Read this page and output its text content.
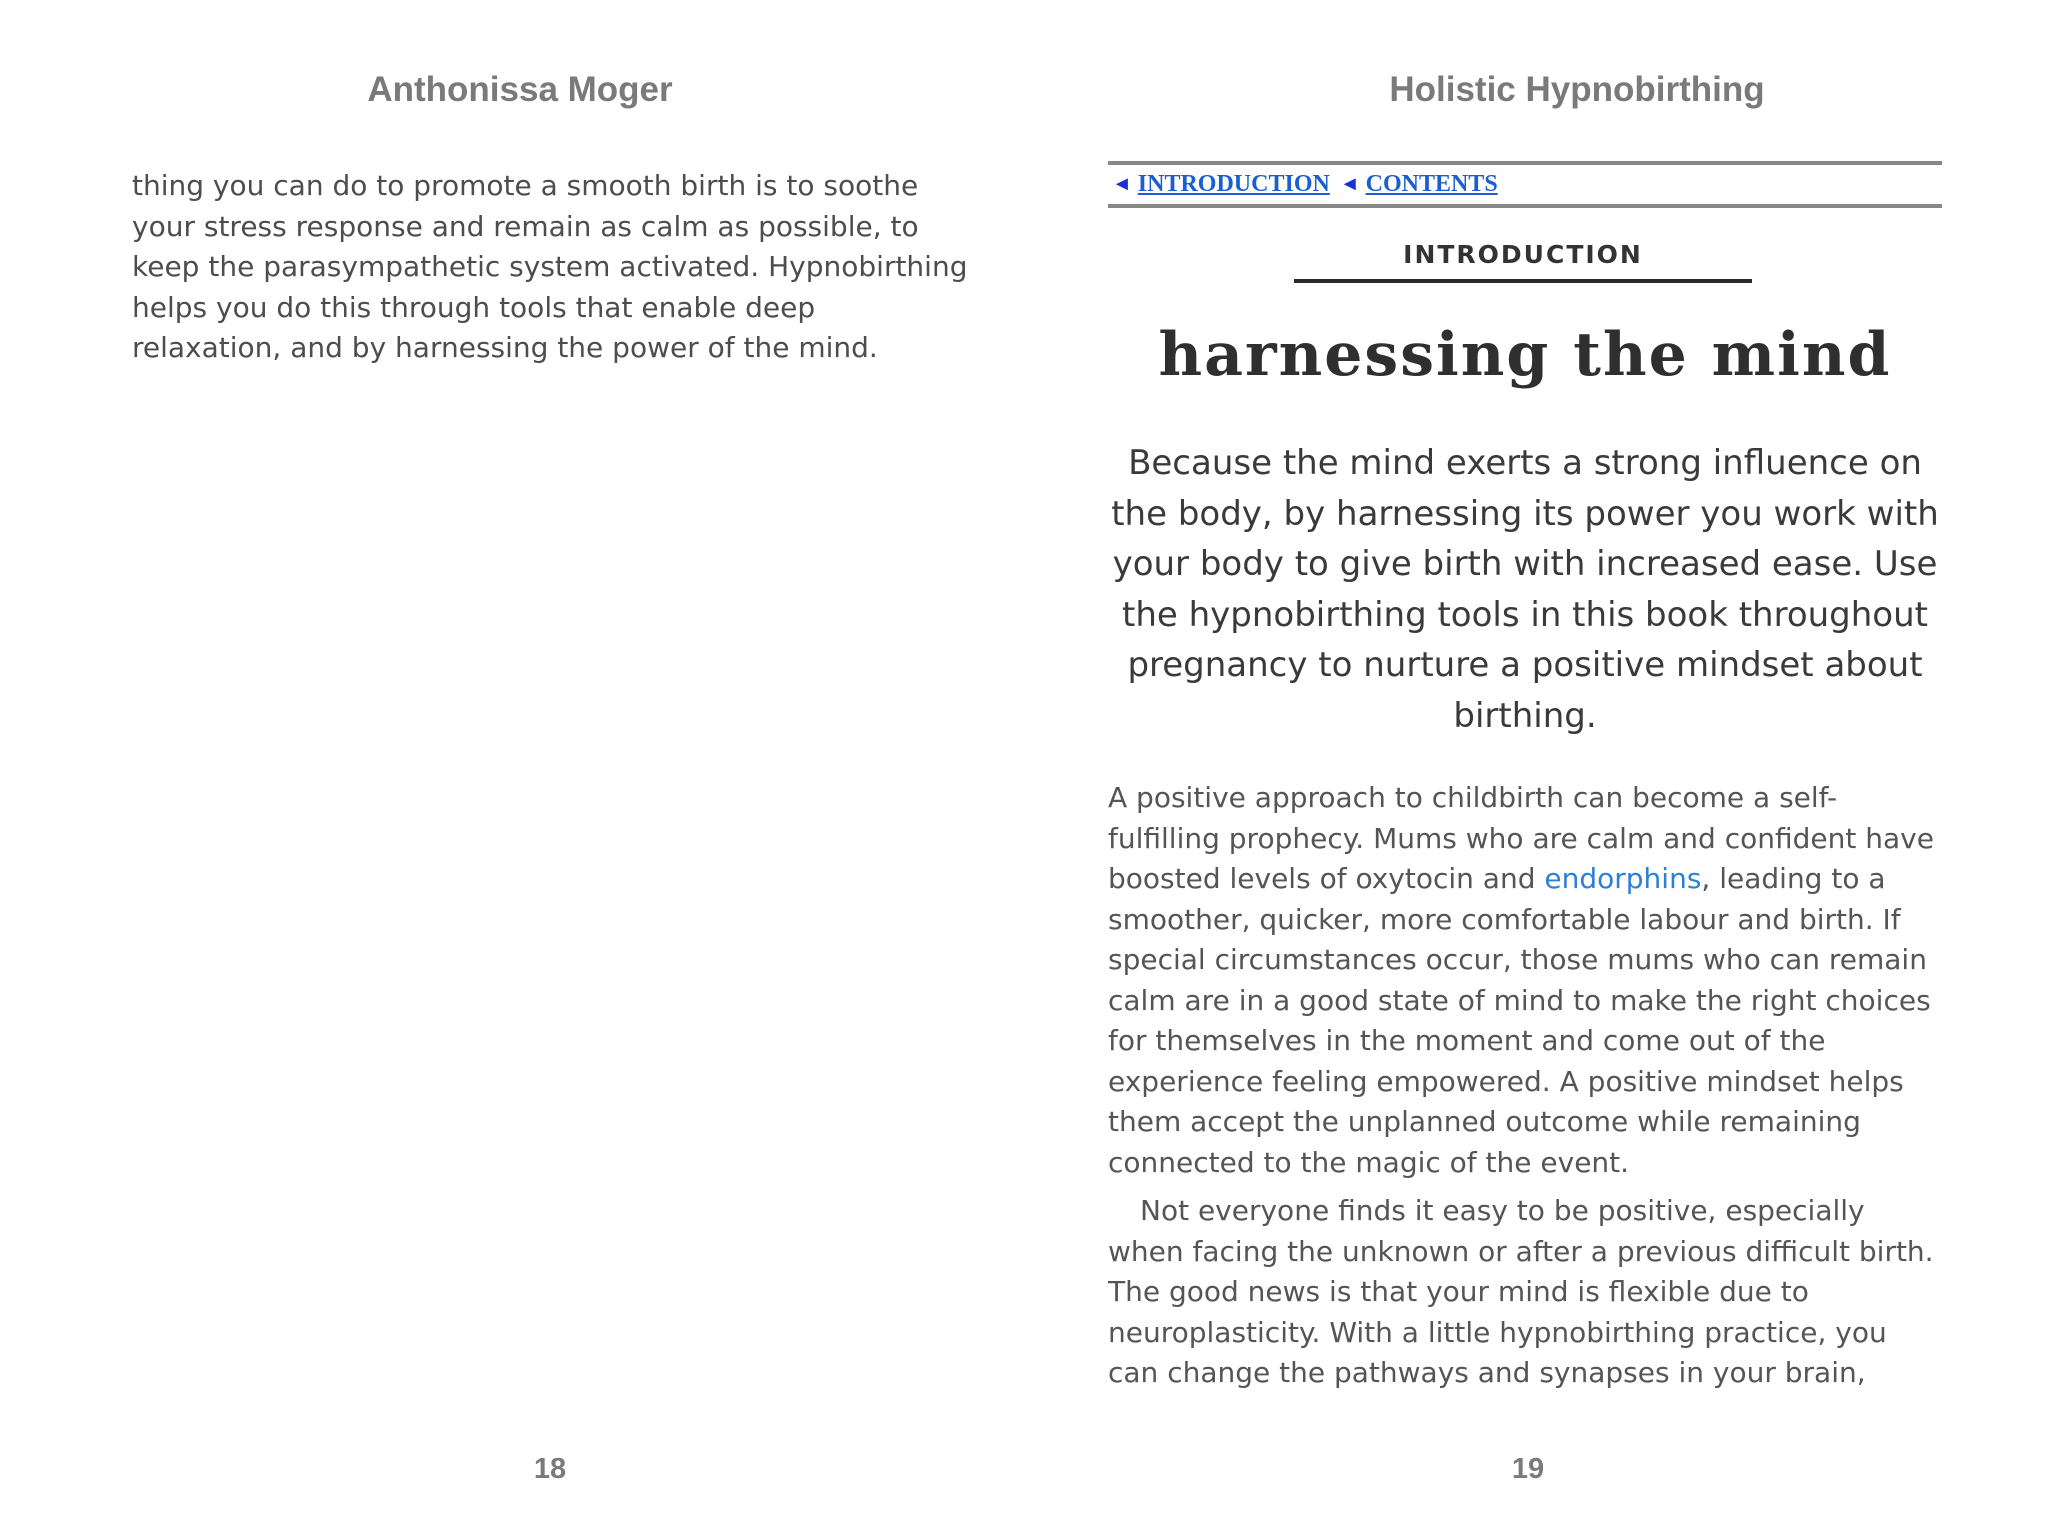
Anthonissa Moger

thing you can do to promote a smooth birth is to soothe your stress response and remain as calm as possible, to keep the parasympathetic system activated. Hypnobirthing helps you do this through tools that enable deep relaxation, and by harnessing the power of the mind.

18
Holistic Hypnobirthing
◄ INTRODUCTION ◄ CONTENTS
INTRODUCTION
harnessing the mind

Because the mind exerts a strong influence on the body, by harnessing its power you work with your body to give birth with increased ease. Use the hypnobirthing tools in this book throughout pregnancy to nurture a positive mindset about birthing.

A positive approach to childbirth can become a self-fulfilling prophecy. Mums who are calm and confident have boosted levels of oxytocin and endorphins, leading to a smoother, quicker, more comfortable labour and birth. If special circumstances occur, those mums who can remain calm are in a good state of mind to make the right choices for themselves in the moment and come out of the experience feeling empowered. A positive mindset helps them accept the unplanned outcome while remaining connected to the magic of the event.

Not everyone finds it easy to be positive, especially when facing the unknown or after a previous difficult birth. The good news is that your mind is flexible due to neuroplasticity. With a little hypnobirthing practice, you can change the pathways and synapses in your brain,

19
